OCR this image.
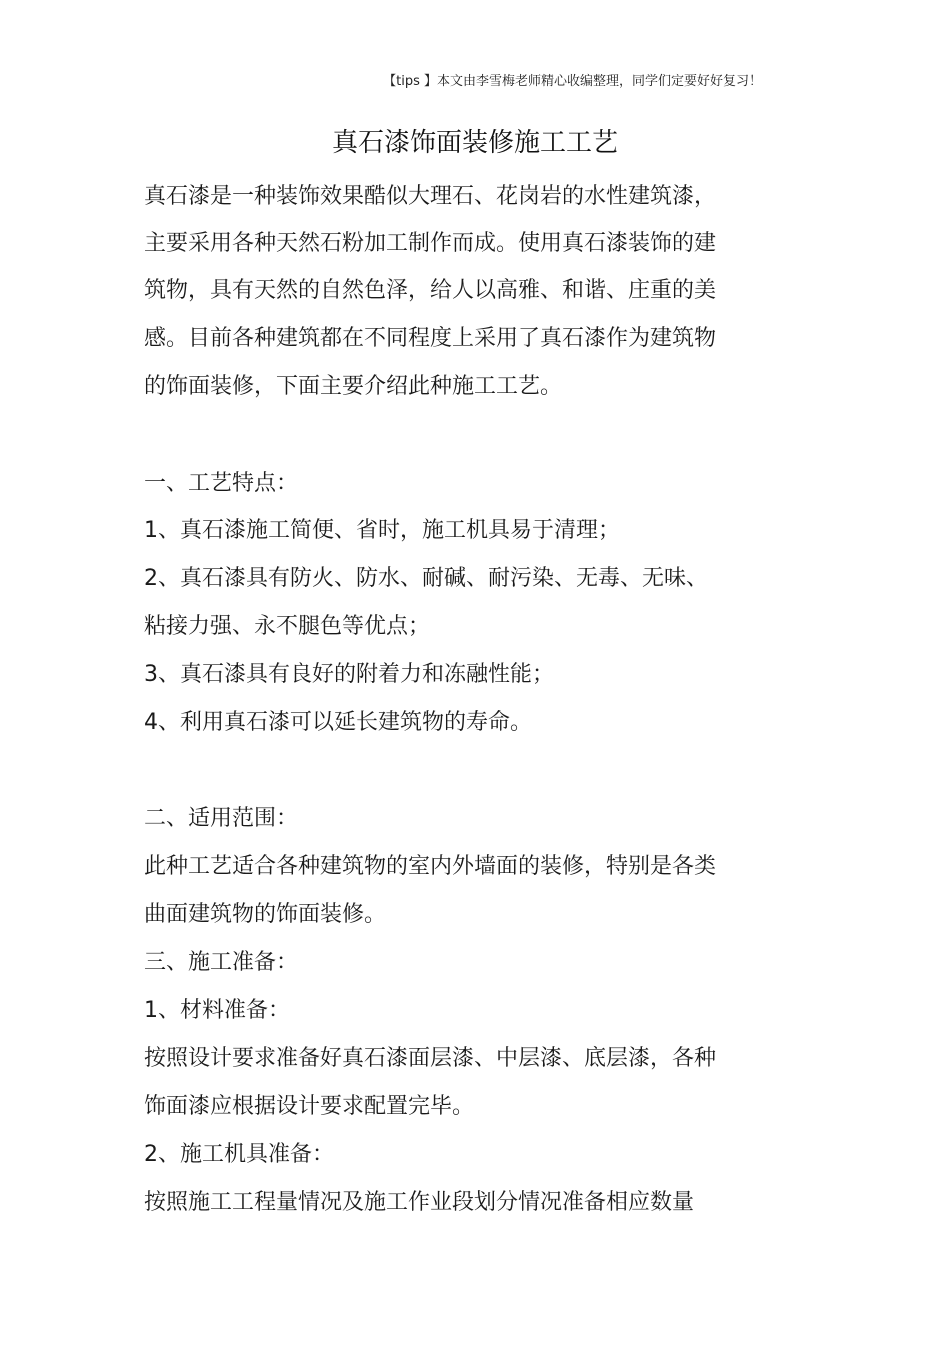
【tips 】本文由李雪梅老师精心收编整理，同学们定要好好复习！
真石漆饰面装修施工工艺
真石漆是一种装饰效果酷似大理石、花岗岩的水性建筑漆，
主要采用各种天然石粉加工制作而成。使用真石漆装饰的建
筑物，具有天然的自然色泽，给人以高雅、和谐、庄重的美
感。目前各种建筑都在不同程度上采用了真石漆作为建筑物
的饰面装修，下面主要介绍此种施工工艺。
一、工艺特点：
1、真石漆施工简便、省时，施工机具易于清理；
2、真石漆具有防火、防水、耐碱、耐污染、无毒、无味、
粘接力强、永不腿色等优点；
3、真石漆具有良好的附着力和冻融性能；
4、利用真石漆可以延长建筑物的寿命。
二、适用范围：
此种工艺适合各种建筑物的室内外墙面的装修，特别是各类
曲面建筑物的饰面装修。
三、施工准备：
1、材料准备：
按照设计要求准备好真石漆面层漆、中层漆、底层漆，各种
饰面漆应根据设计要求配置完毕。
2、施工机具准备：
按照施工工程量情况及施工作业段划分情况准备相应数量
